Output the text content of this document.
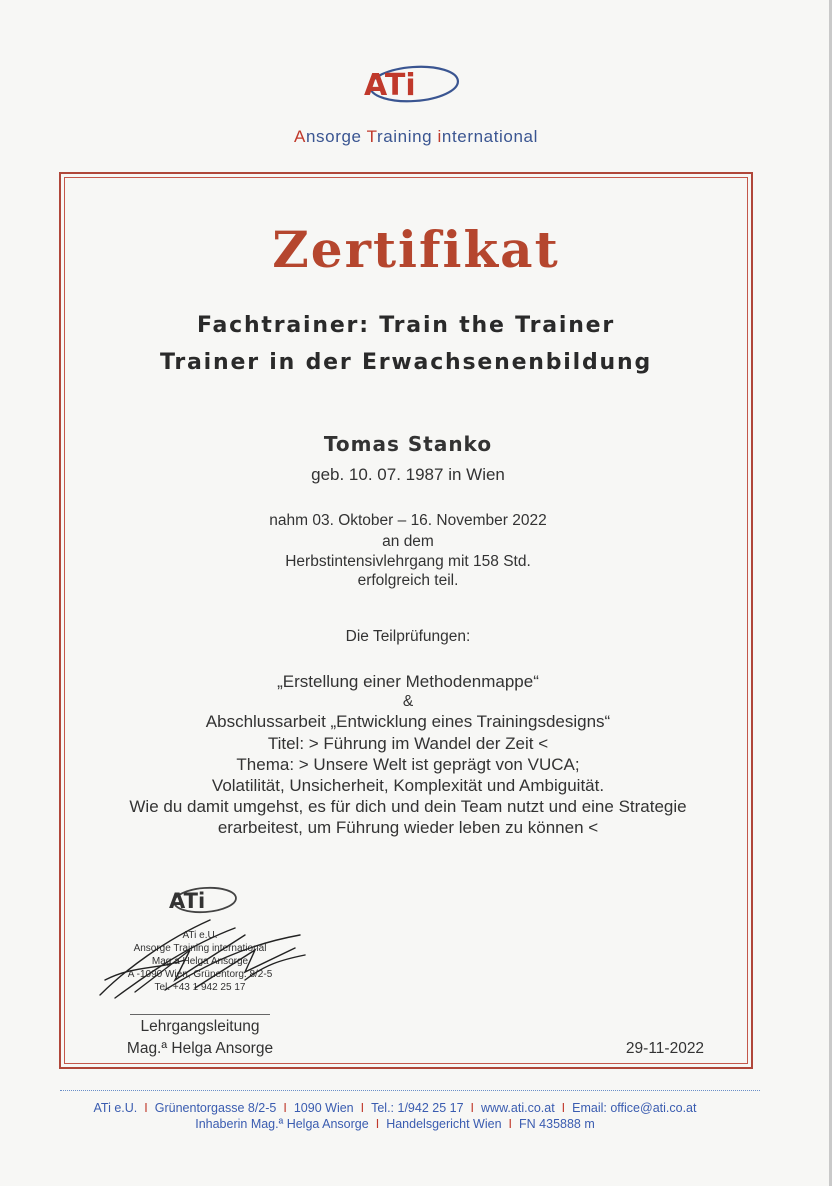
ATi
Ansorge Training international
Zertifikat
Fachtrainer: Train the Trainer
Trainer in der Erwachsenenbildung
Tomas Stanko
geb. 10. 07. 1987 in Wien
nahm 03. Oktober – 16. November 2022
an dem
Herbstintensivlehrgang mit 158 Std.
erfolgreich teil.
Die Teilprüfungen:
„Erstellung einer Methodenmappe“
&
Abschlussarbeit „Entwicklung eines Trainingsdesigns“
Titel: > Führung im Wandel der Zeit <
Thema: > Unsere Welt ist geprägt von VUCA;
Volatilität, Unsicherheit, Komplexität und Ambiguität.
Wie du damit umgehst, es für dich und dein Team nutzt und eine Strategie
erarbeitest, um Führung wieder leben zu können <
ATi
ATi e.U.
Ansorge Training international
Mag.a Helga Ansorge
A -1090 Wien, Grünentorg. 8/2-5
Tel. +43 1 942 25 17
Lehrgangsleitung
Mag.ª Helga Ansorge	29-11-2022
ATi e.U. I Grünentorgasse 8/2-5 I 1090 Wien I Tel.: 1/942 25 17 I www.ati.co.at I Email: office@ati.co.at
Inhaberin Mag.ª Helga Ansorge I Handelsgericht Wien I FN 435888 m
